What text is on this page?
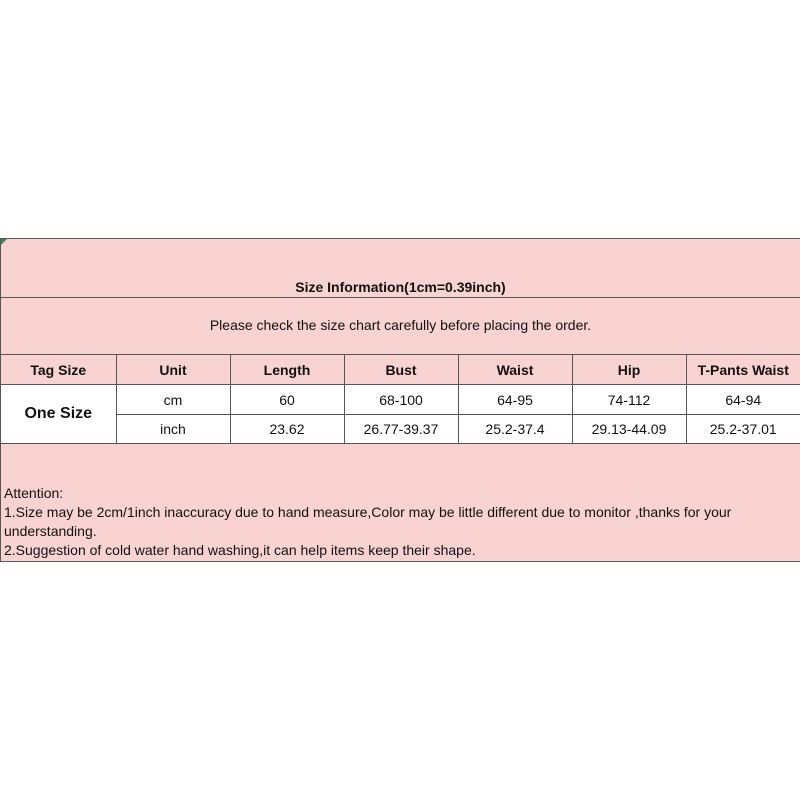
Size Information(1cm=0.39inch)
Please check the size chart carefully before placing the order.
Tag Size	Unit	Length	Bust	Waist	Hip	T-Pants Waist
One Size	cm	60	68-100	64-95	74-112	64-94
	inch	23.62	26.77-39.37	25.2-37.4	29.13-44.09	25.2-37.01

Attention:

1.Size may be 2cm/1inch inaccuracy due to hand measure,Color may be little different due to monitor ,thanks for your understanding.

2.Suggestion of cold water hand washing,it can help items keep their shape.
